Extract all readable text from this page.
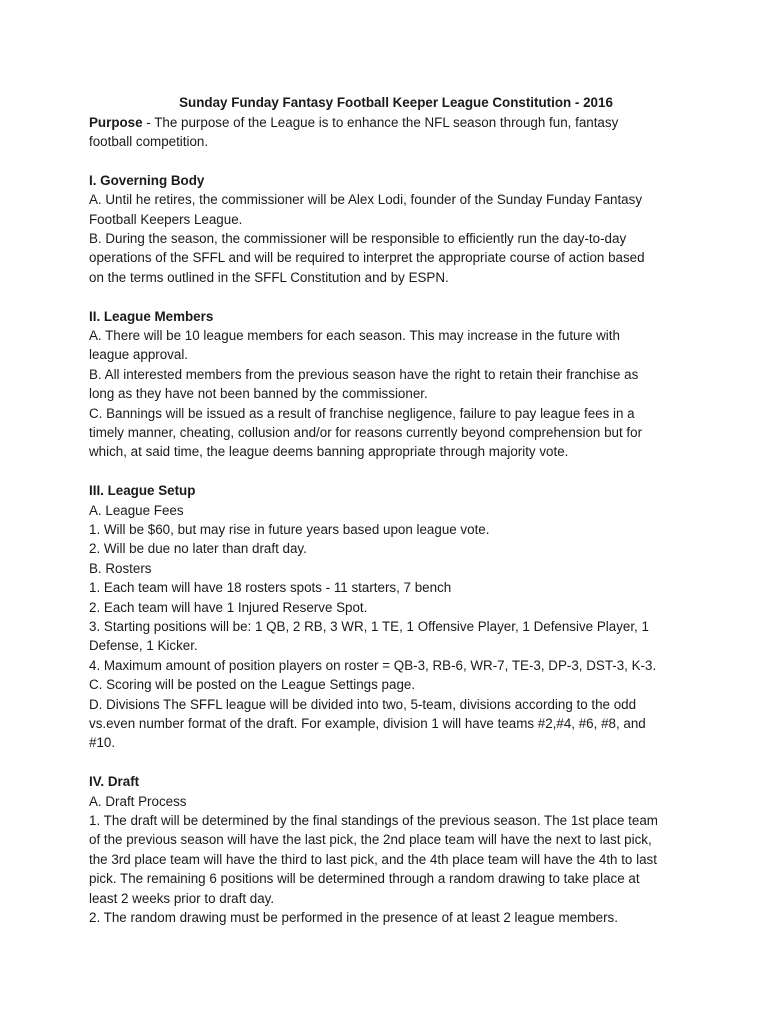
Sunday Funday Fantasy Football Keeper League Constitution - 2016

Purpose - The purpose of the League is to enhance the NFL season through fun, fantasy

football competition.

I. Governing Body

A. Until he retires, the commissioner will be Alex Lodi, founder of the Sunday Funday Fantasy

Football Keepers League.

B. During the season, the commissioner will be responsible to efficiently run the day-to-day

operations of the SFFL and will be required to interpret the appropriate course of action based

on the terms outlined in the SFFL Constitution and by ESPN.

II. League Members

A. There will be 10 league members for each season. This may increase in the future with

league approval.

B. All interested members from the previous season have the right to retain their franchise as

long as they have not been banned by the commissioner.

C. Bannings will be issued as a result of franchise negligence, failure to pay league fees in a

timely manner, cheating, collusion and/or for reasons currently beyond comprehension but for

which, at said time, the league deems banning appropriate through majority vote.

III. League Setup

A. League Fees

1. Will be $60, but may rise in future years based upon league vote.

2. Will be due no later than draft day.

B. Rosters

1. Each team will have 18 rosters spots - 11 starters, 7 bench

2. Each team will have 1 Injured Reserve Spot.

3. Starting positions will be: 1 QB, 2 RB, 3 WR, 1 TE, 1 Offensive Player, 1 Defensive Player, 1

Defense, 1 Kicker.

4. Maximum amount of position players on roster = QB-3, RB-6, WR-7, TE-3, DP-3, DST-3, K-3.

C. Scoring will be posted on the League Settings page.

D. Divisions The SFFL league will be divided into two, 5-team, divisions according to the odd

vs.even number format of the draft. For example, division 1 will have teams #2,#4, #6, #8, and

#10.

IV. Draft

A. Draft Process

1. The draft will be determined by the final standings of the previous season. The 1st place team

of the previous season will have the last pick, the 2nd place team will have the next to last pick,

the 3rd place team will have the third to last pick, and the 4th place team will have the 4th to last

pick. The remaining 6 positions will be determined through a random drawing to take place at

least 2 weeks prior to draft day.

2. The random drawing must be performed in the presence of at least 2 league members.
